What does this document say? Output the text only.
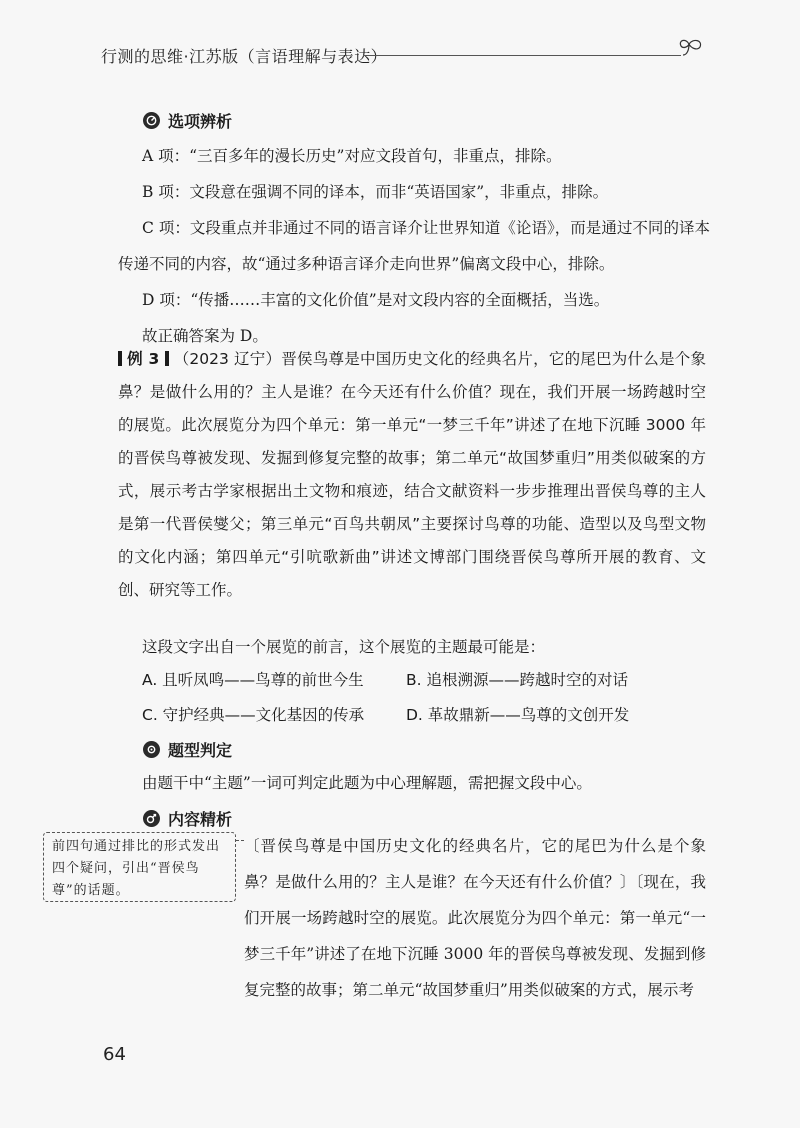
行测的思维·江苏版（言语理解与表达）
选项辨析
A 项：“三百多年的漫长历史”对应文段首句，非重点，排除。
B 项：文段意在强调不同的译本，而非“英语国家”，非重点，排除。
C 项：文段重点并非通过不同的语言译介让世界知道《论语》，而是通过不同的译本传递不同的内容，故“通过多种语言译介走向世界”偏离文段中心，排除。
D 项：“传播……丰富的文化价值”是对文段内容的全面概括，当选。
故正确答案为 D。
例 3 （2023 辽宁）晋侯鸟尊是中国历史文化的经典名片，它的尾巴为什么是个象鼻？是做什么用的？主人是谁？在今天还有什么价值？现在，我们开展一场跨越时空的展览。此次展览分为四个单元：第一单元“一梦三千年”讲述了在地下沉睡 3000 年的晋侯鸟尊被发现、发掘到修复完整的故事；第二单元“故国梦重归”用类似破案的方式，展示考古学家根据出土文物和痕迹，结合文献资料一步步推理出晋侯鸟尊的主人是第一代晋侯燮父；第三单元“百鸟共朝凤”主要探讨鸟尊的功能、造型以及鸟型文物的文化内涵；第四单元“引吭歌新曲”讲述文博部门围绕晋侯鸟尊所开展的教育、文创、研究等工作。
这段文字出自一个展览的前言，这个展览的主题最可能是：
A. 且听凤鸣——鸟尊的前世今生	B. 追根溯源——跨越时空的对话
C. 守护经典——文化基因的传承	D. 革故鼎新——鸟尊的文创开发
题型判定
由题干中“主题”一词可判定此题为中心理解题，需把握文段中心。
内容精析
前四句通过排比的形式发出四个疑问，引出“晋侯鸟尊”的话题。
〔晋侯鸟尊是中国历史文化的经典名片，它的尾巴为什么是个象鼻？是做什么用的？主人是谁？在今天还有什么价值？〕〔现在，我们开展一场跨越时空的展览。此次展览分为四个单元：第一单元“一梦三千年”讲述了在地下沉睡 3000 年的晋侯鸟尊被发现、发掘到修复完整的故事；第二单元“故国梦重归”用类似破案的方式，展示考
64
